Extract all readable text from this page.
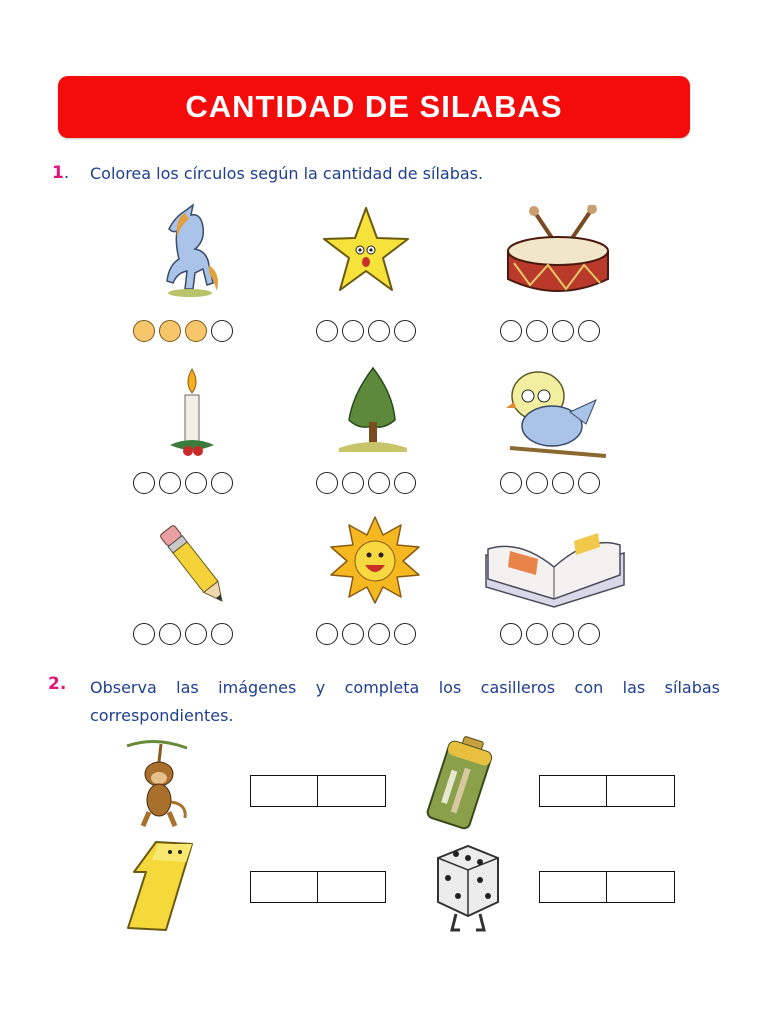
CANTIDAD DE SILABAS
1. Colorea los círculos según la cantidad de sílabas.
2. Observa las imágenes y completa los casilleros con las sílabas correspondientes.
